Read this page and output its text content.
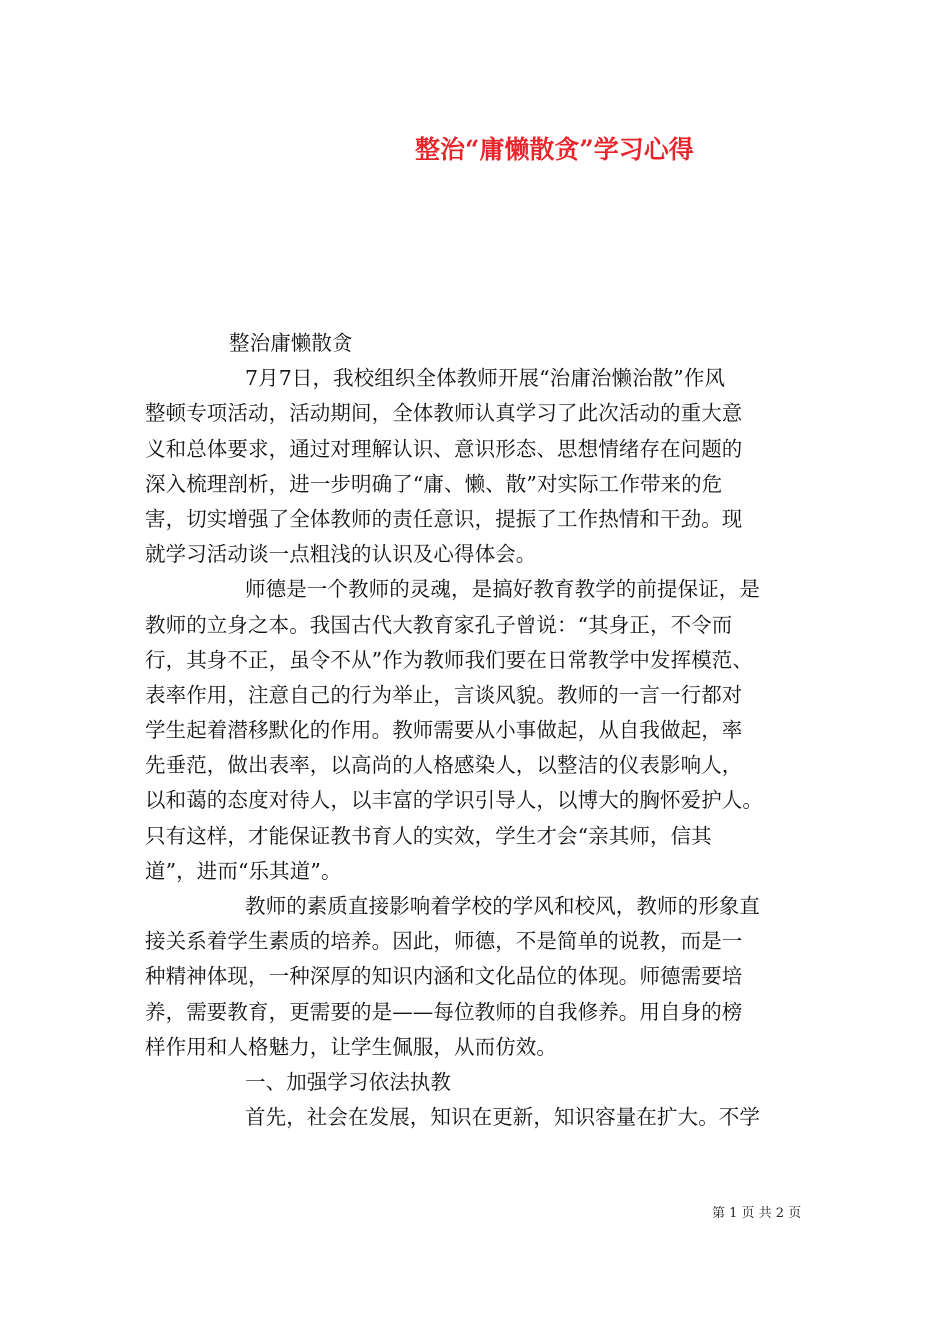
整治“庸懒散贪”学习心得
整治庸懒散贪
7月7日，我校组织全体教师开展“治庸治懒治散”作风
整顿专项活动，活动期间，全体教师认真学习了此次活动的重大意
义和总体要求，通过对理解认识、意识形态、思想情绪存在问题的
深入梳理剖析，进一步明确了“庸、懒、散”对实际工作带来的危
害，切实增强了全体教师的责任意识，提振了工作热情和干劲。现
就学习活动谈一点粗浅的认识及心得体会。
师德是一个教师的灵魂，是搞好教育教学的前提保证，是
教师的立身之本。我国古代大教育家孔子曾说：“其身正，不令而
行，其身不正，虽令不从”作为教师我们要在日常教学中发挥模范、
表率作用，注意自己的行为举止，言谈风貌。教师的一言一行都对
学生起着潜移默化的作用。教师需要从小事做起，从自我做起，率
先垂范，做出表率，以高尚的人格感染人，以整洁的仪表影响人，
以和蔼的态度对待人，以丰富的学识引导人，以博大的胸怀爱护人。
只有这样，才能保证教书育人的实效，学生才会“亲其师，信其
道”，进而“乐其道”。
教师的素质直接影响着学校的学风和校风，教师的形象直
接关系着学生素质的培养。因此，师德，不是简单的说教，而是一
种精神体现，一种深厚的知识内涵和文化品位的体现。师德需要培
养，需要教育，更需要的是——每位教师的自我修养。用自身的榜
样作用和人格魅力，让学生佩服，从而仿效。
一、加强学习依法执教
首先，社会在发展，知识在更新，知识容量在扩大。不学
第 1 页 共 2 页
